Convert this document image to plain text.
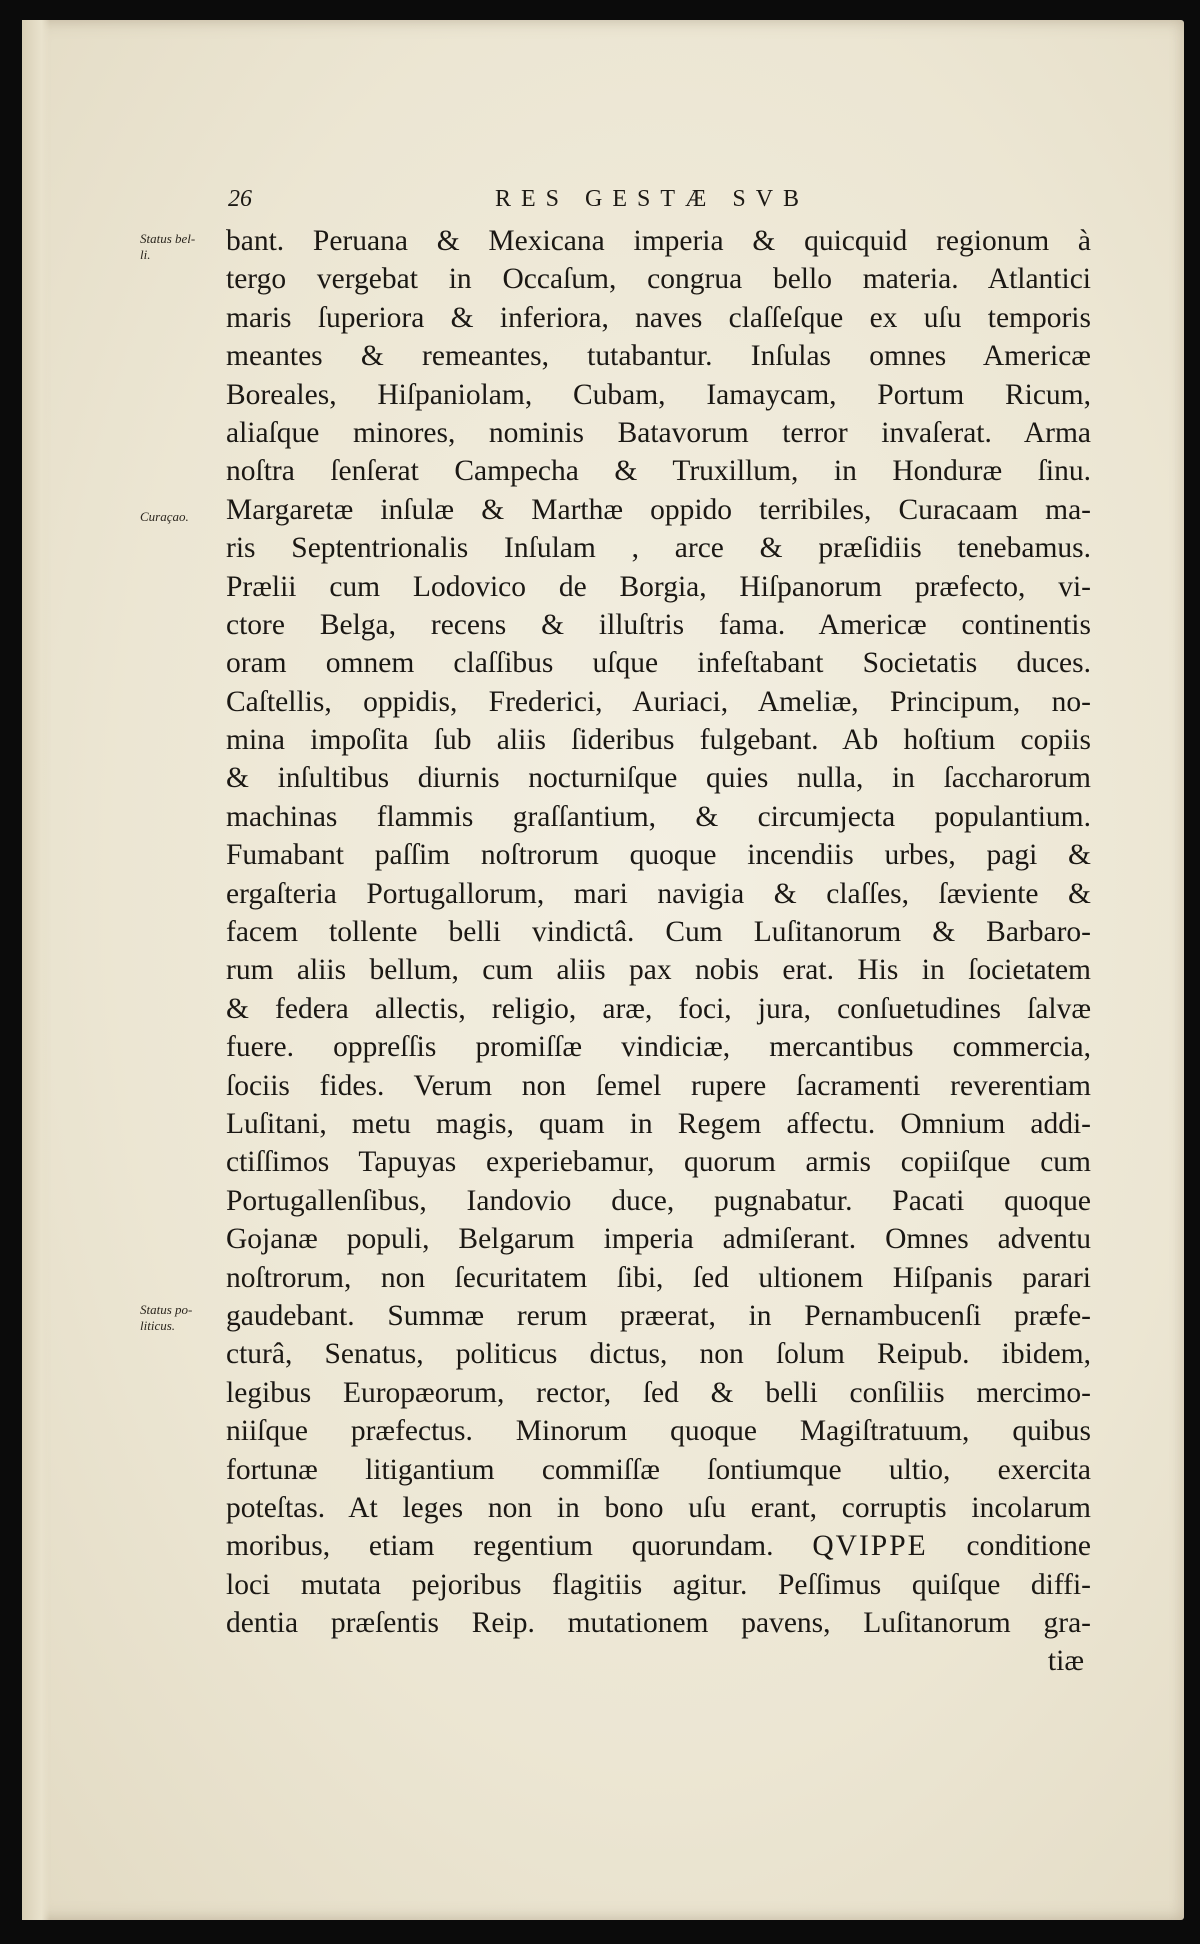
26	RES GESTÆ SVB
Status bel-
li.
Curaçao.
Status po-
liticus.
bant. Peruana & Mexicana imperia & quicquid regionum à
tergo vergebat in Occaſum, congrua bello materia. Atlantici
maris ſuperiora & inferiora, naves claſſeſque ex uſu temporis
meantes & remeantes, tutabantur. Inſulas omnes Americæ
Boreales, Hiſpaniolam, Cubam, Iamaycam, Portum Ricum,
aliaſque minores, nominis Batavorum terror invaſerat. Arma
noſtra ſenſerat Campecha & Truxillum, in Honduræ ſinu.
Margaretæ inſulæ & Marthæ oppido terribiles, Curacaam ma-
ris Septentrionalis Inſulam , arce & præſidiis tenebamus.
Prælii cum Lodovico de Borgia, Hiſpanorum præfecto, vi-
ctore Belga, recens & illuſtris fama. Americæ continentis
oram omnem claſſibus uſque infeſtabant Societatis duces.
Caſtellis, oppidis, Frederici, Auriaci, Ameliæ, Principum, no-
mina impoſita ſub aliis ſideribus fulgebant. Ab hoſtium copiis
& inſultibus diurnis nocturniſque quies nulla, in ſaccharorum
machinas flammis graſſantium, & circumjecta populantium.
Fumabant paſſim noſtrorum quoque incendiis urbes, pagi &
ergaſteria Portugallorum, mari navigia & claſſes, ſæviente &
facem tollente belli vindictâ. Cum Luſitanorum & Barbaro-
rum aliis bellum, cum aliis pax nobis erat. His in ſocietatem
& federa allectis, religio, aræ, foci, jura, conſuetudines ſalvæ
fuere. oppreſſis promiſſæ vindiciæ, mercantibus commercia,
ſociis fides. Verum non ſemel rupere ſacramenti reverentiam
Luſitani, metu magis, quam in Regem affectu. Omnium addi-
ctiſſimos Tapuyas experiebamur, quorum armis copiiſque cum
Portugallenſibus, Iandovio duce, pugnabatur. Pacati quoque
Gojanæ populi, Belgarum imperia admiſerant. Omnes adventu
noſtrorum, non ſecuritatem ſibi, ſed ultionem Hiſpanis parari
gaudebant. Summæ rerum præerat, in Pernambucenſi præfe-
cturâ, Senatus, politicus dictus, non ſolum Reipub. ibidem,
legibus Europæorum, rector, ſed & belli conſiliis mercimo-
niiſque præfectus. Minorum quoque Magiſtratuum, quibus
fortunæ litigantium commiſſæ ſontiumque ultio, exercita
poteſtas. At leges non in bono uſu erant, corruptis incolarum
moribus, etiam regentium quorundam. QVIPPE conditione
loci mutata pejoribus flagitiis agitur. Peſſimus quiſque diffi-
dentia præſentis Reip. mutationem pavens, Luſitanorum gra-
tiæ
